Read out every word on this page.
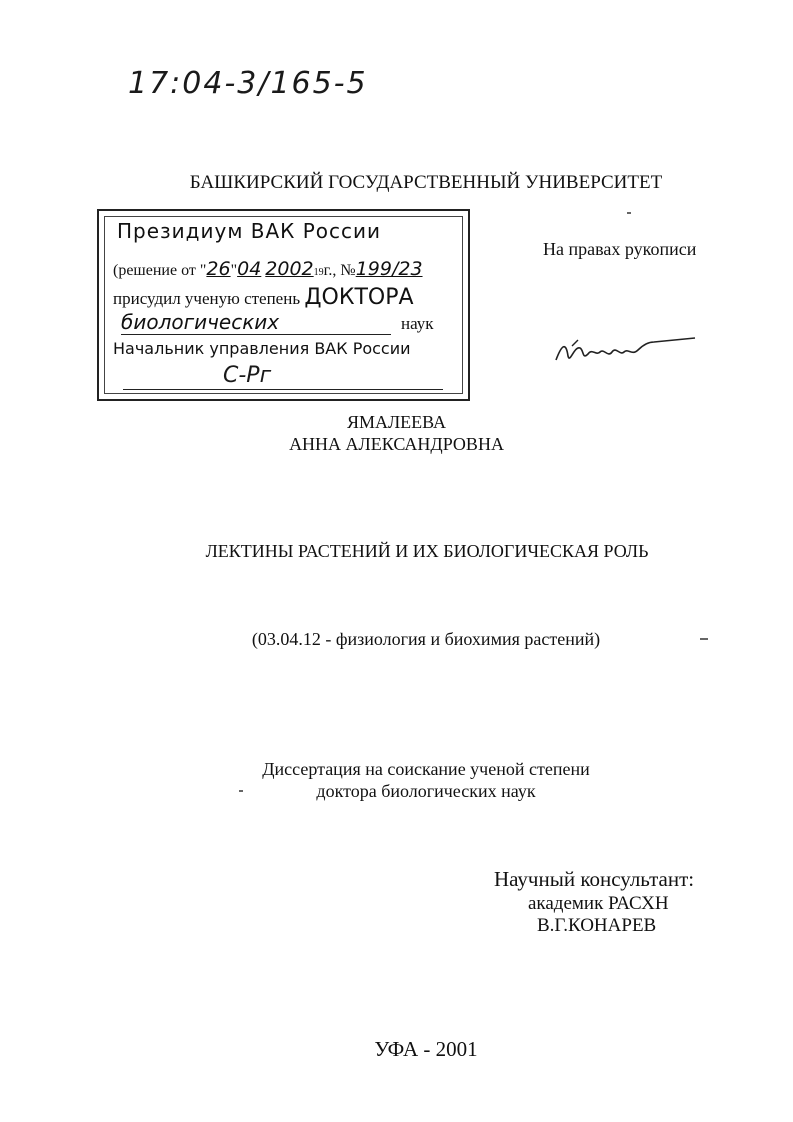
17:04-3/165-5
БАШКИРСКИЙ ГОСУДАРСТВЕННЫЙ УНИВЕРСИТЕТ
Президиум ВАК России
(решение от "26"04 200219г., №199/23
присудил ученую степень ДОКТОРА
биологических	наук
Начальник управления ВАК России
С-Рг
На правах рукописи
ЯМАЛЕЕВА
АННА АЛЕКСАНДРОВНА
ЛЕКТИНЫ РАСТЕНИЙ И ИХ БИОЛОГИЧЕСКАЯ РОЛЬ
(03.04.12 - физиология и биохимия растений)
Диссертация на соискание ученой степени
доктора биологических наук
Научный консультант:
академик РАСХН
В.Г.КОНАРЕВ
УФА - 2001
